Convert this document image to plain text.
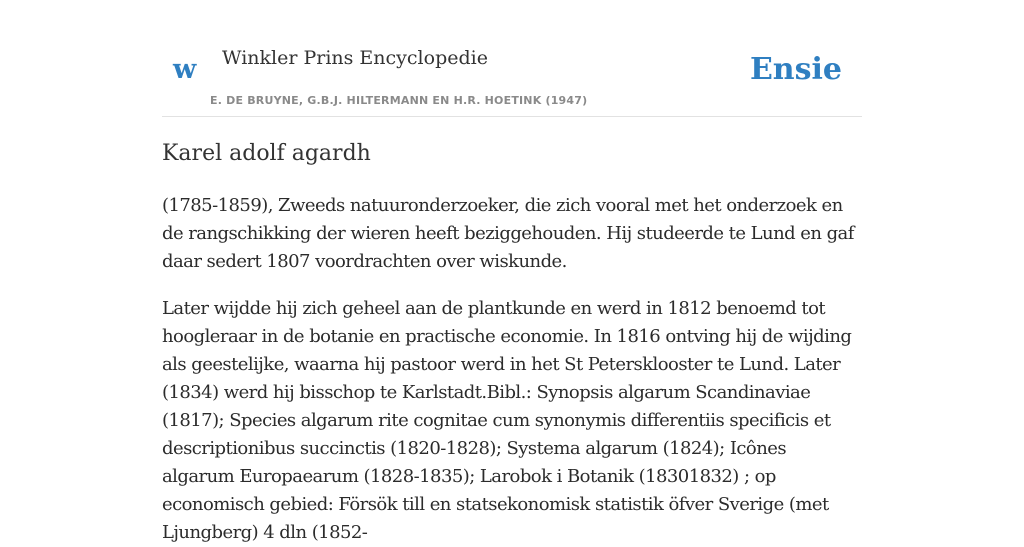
w Winkler Prins Encyclopedie
E. DE BRUYNE, G.B.J. HILTERMANN EN H.R. HOETINK (1947)
Ensie
Karel adolf agardh

(1785-1859), Zweeds natuuronderzoeker, die zich vooral met het onderzoek en de rangschikking der wieren heeft beziggehouden. Hij studeerde te Lund en gaf daar sedert 1807 voordrachten over wiskunde.

Later wijdde hij zich geheel aan de plantkunde en werd in 1812 benoemd tot hoogleraar in de botanie en practische economie. In 1816 ontving hij de wijding als geestelijke, waarna hij pastoor werd in het St Petersklooster te Lund. Later (1834) werd hij bisschop te Karlstadt.Bibl.: Synopsis algarum Scandinaviae (1817); Species algarum rite cognitae cum synonymis differentiis specificis et descriptionibus succinctis (1820-1828); Systema algarum (1824); Icônes algarum Europaearum (1828-1835); Larobok i Botanik (18301832) ; op economisch gebied: Försök till en statsekonomisk statistik öfver Sverige (met Ljungberg) 4 dln (1852-
